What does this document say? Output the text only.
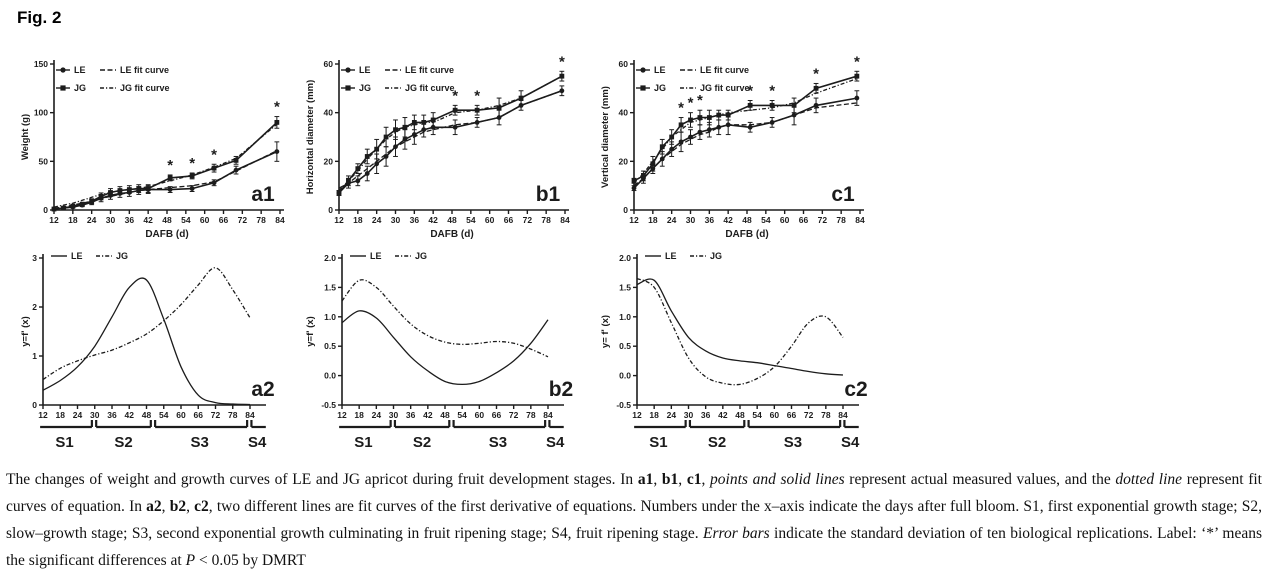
Fig. 2
0
50
100
150
12 18 24 30 36 42 48 54 60 66 72 78 84
DAFB (d)
Weight (g)
* *
*
*
LE	LE fit curve
JG	JG fit curve
a1
0
20
40
60
12 18 24 30 36 42 48 54 60 66 72 78 84
DAFB (d)
Horizontal diameter (mm)	* *
*
LE	LE fit curve
JG	JG fit curve
b1
0
20
40
60
12 18 24 30 36 42 48 54 60 66 72 78 84
DAFB (d)
Vertical diameter (mm)	* * *
* *
*
*
LE	LE fit curve
JG	JG fit curve
c1
0
1
2
3
12 18 24 30 36 42 48 54 60 66 72 78 84
y=f' (x)
LE	JG
a2
S1	S2	S3	S4
-0.5
0.0
0.5
1.0
1.5
2.0
12 18 24 30 36 42 48 54 60 66 72 78 84
y=f' (x)
LE	JG
b2
S1	S2	S3	S4
-0.5
0.0
0.5
1.0
1.5
2.0
12 18 24 30 36 42 48 54 60 66 72 78 84
y= f' (x)
LE	JG
c2
S1	S2	S3	S4

The changes of weight and growth curves of LE and JG apricot during fruit development stages. In a1, b1, c1, points and solid lines represent actual measured values, and the dotted line represent fit curves of equation. In a2, b2, c2, two different lines are fit curves of the first derivative of equations. Numbers under the x–axis indicate the days after full bloom. S1, first exponential growth stage; S2, slow–growth stage; S3, second exponential growth culminating in fruit ripening stage; S4, fruit ripening stage. Error bars indicate the standard deviation of ten biological replications. Label: ‘*’ means the significant differences at P < 0.05 by DMRT
